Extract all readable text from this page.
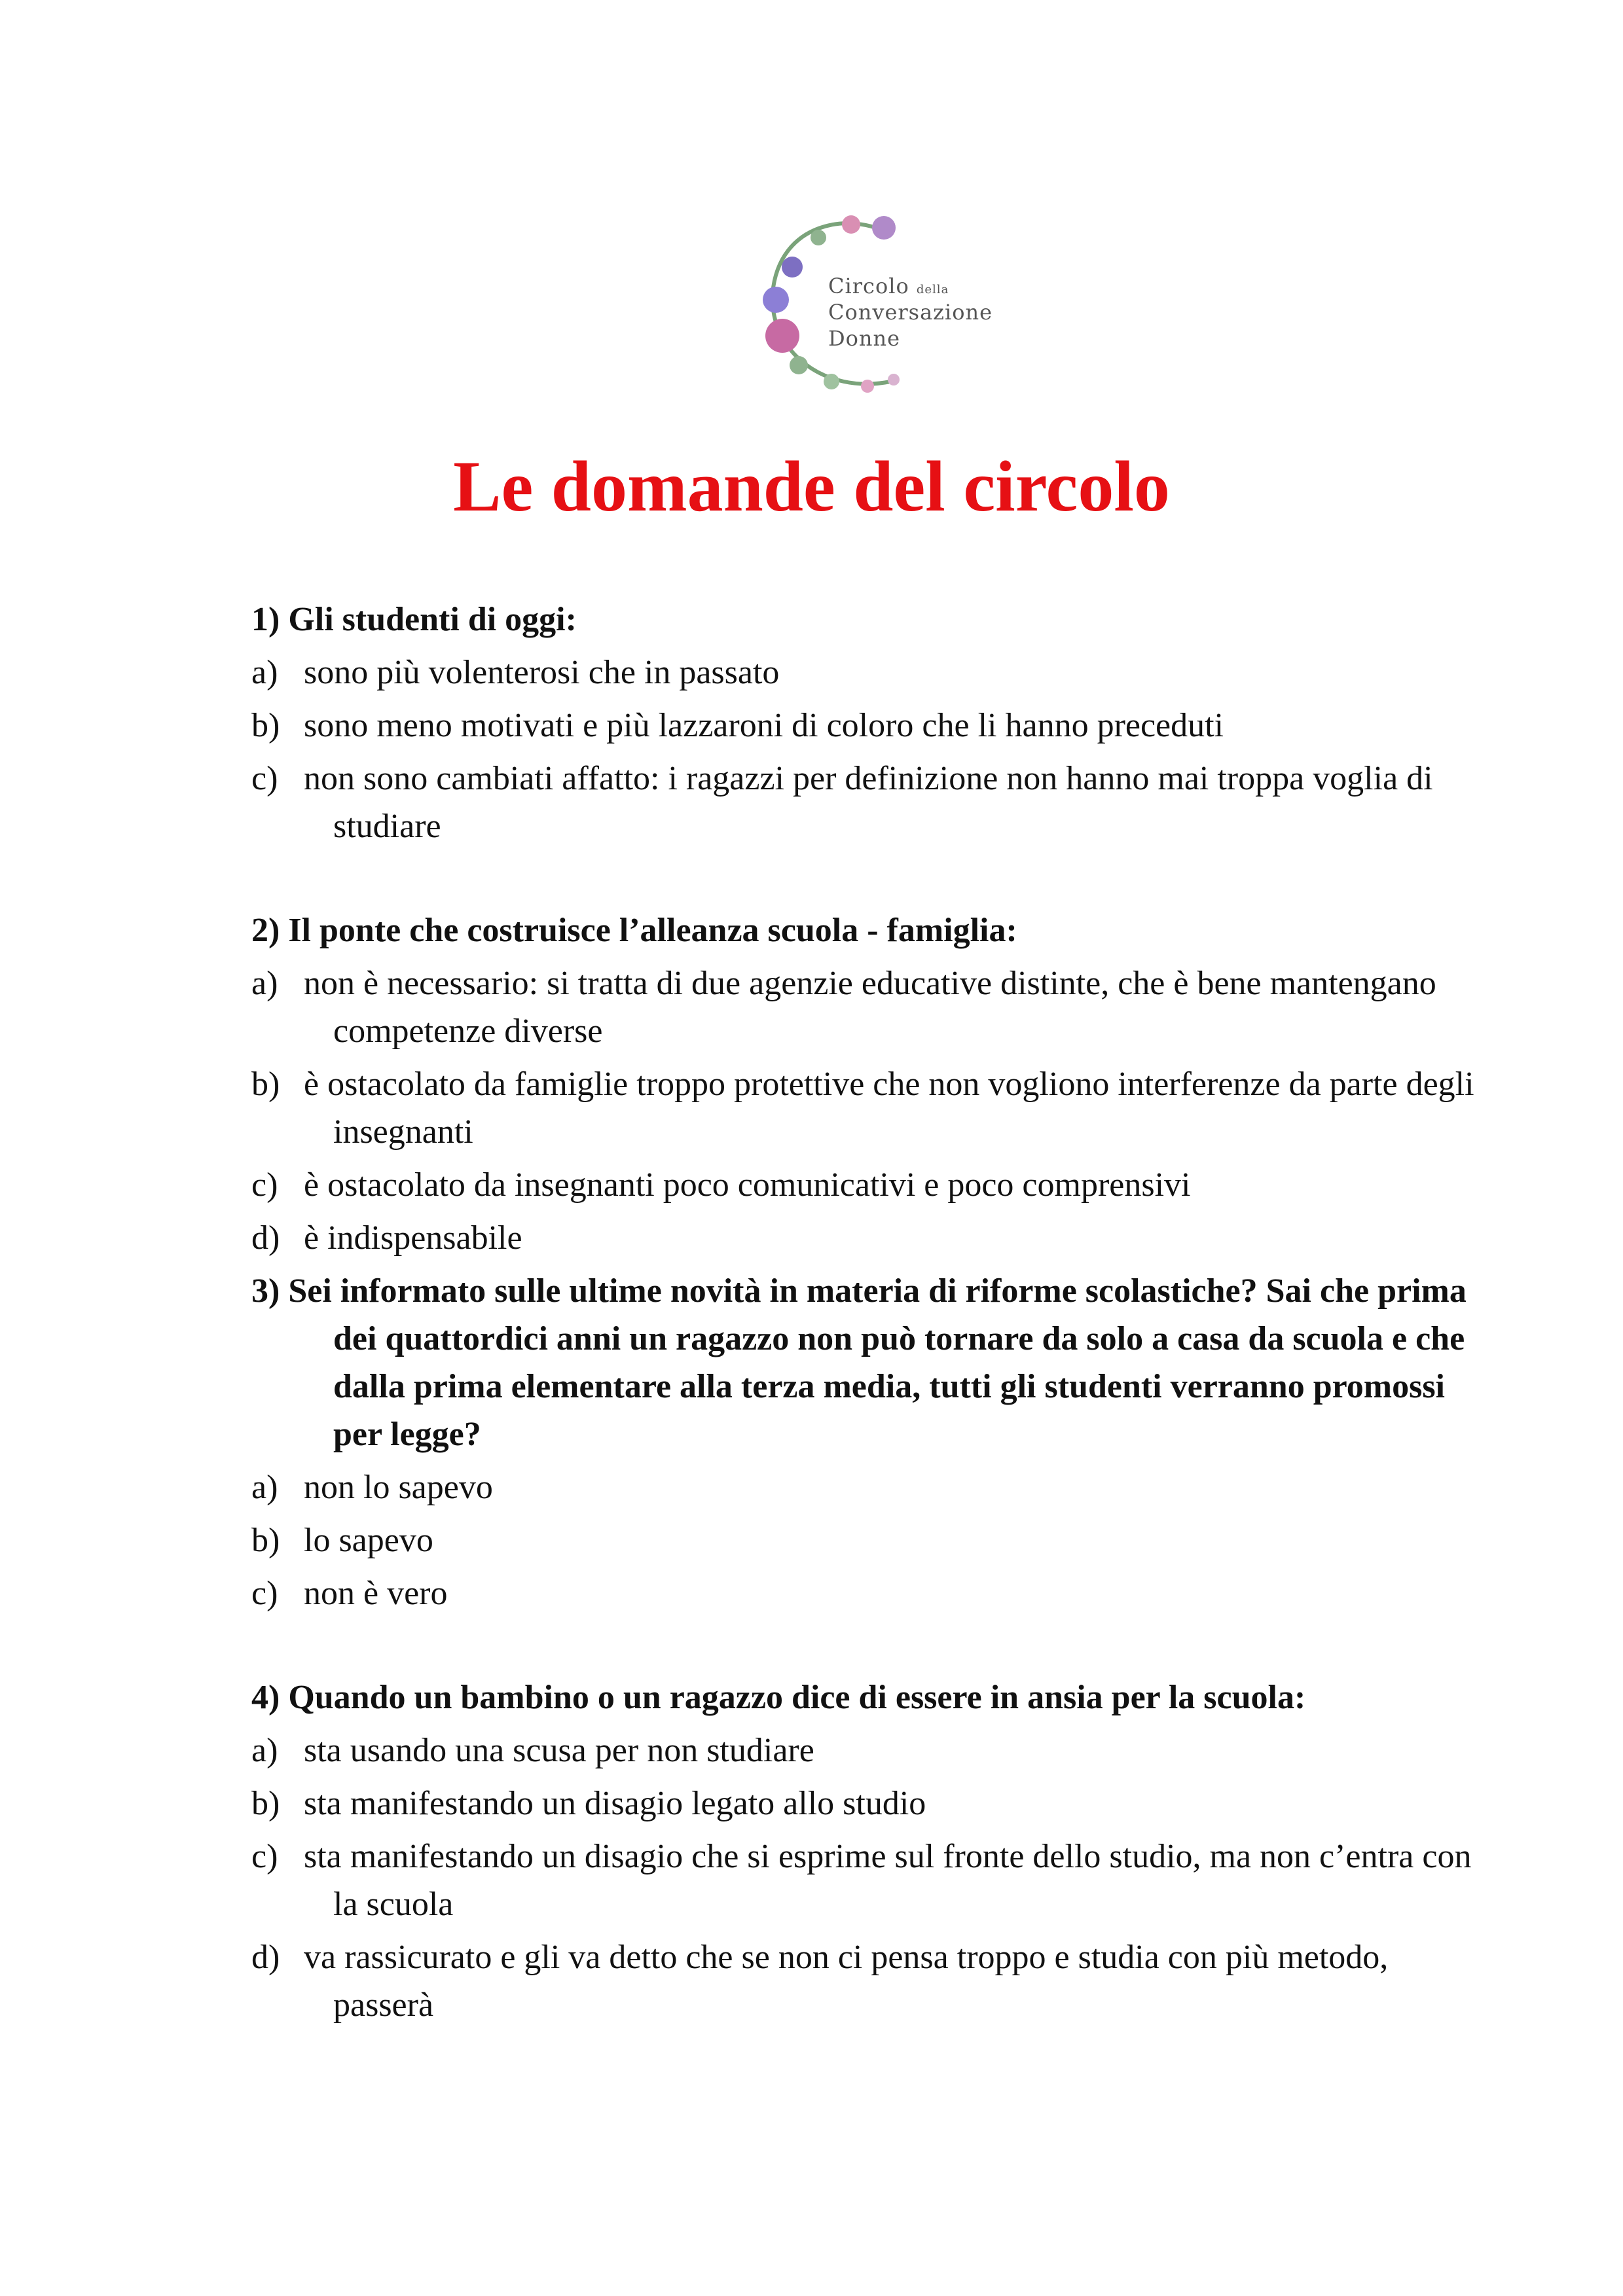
Circolo della
Conversazione
Donne
Le domande del circolo

1) Gli studenti di oggi:

a) sono più volenterosi che in passato

b) sono meno motivati e più lazzaroni di coloro che li hanno preceduti

c) non sono cambiati affatto: i ragazzi per definizione non hanno mai troppa voglia di studiare

2) Il ponte che costruisce l’alleanza scuola - famiglia:

a) non è necessario: si tratta di due agenzie educative distinte, che è bene mantengano competenze diverse

b) è ostacolato da famiglie troppo protettive che non vogliono interferenze da parte degli insegnanti

c) è ostacolato da insegnanti poco comunicativi e poco comprensivi

d) è indispensabile

3) Sei informato sulle ultime novità in materia di riforme scolastiche? Sai che prima dei quattordici anni un ragazzo non può tornare da solo a casa da scuola e che dalla prima elementare alla terza media, tutti gli studenti verranno promossi per legge?

a) non lo sapevo

b) lo sapevo

c) non è vero

4) Quando un bambino o un ragazzo dice di essere in ansia per la scuola:

a) sta usando una scusa per non studiare

b) sta manifestando un disagio legato allo studio

c) sta manifestando un disagio che si esprime sul fronte dello studio, ma non c’entra con la scuola

d) va rassicurato e gli va detto che se non ci pensa troppo e studia con più metodo, passerà
